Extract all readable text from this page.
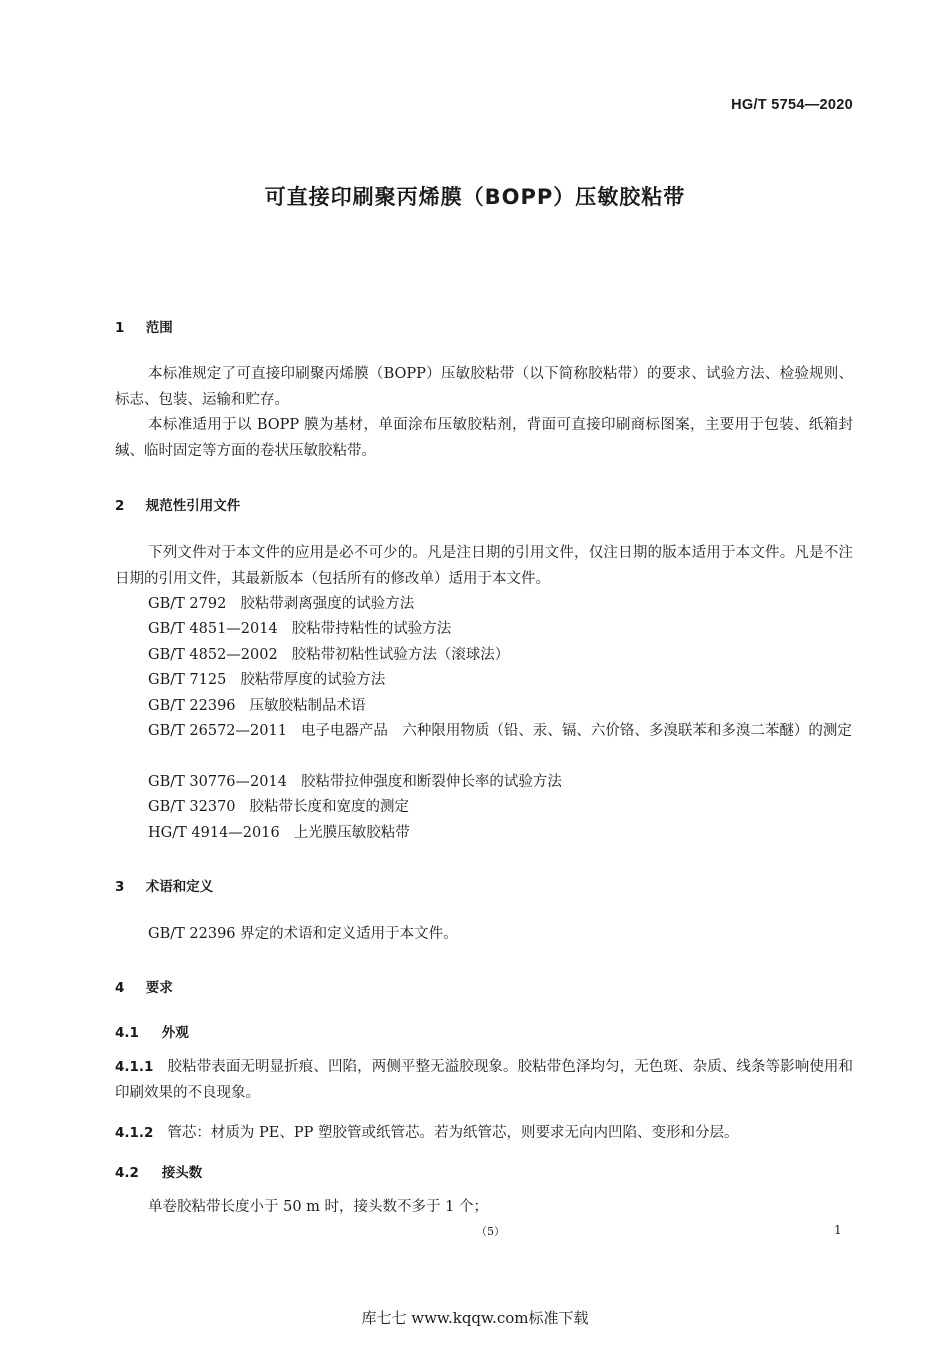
HG/T 5754—2020
可直接印刷聚丙烯膜（BOPP）压敏胶粘带
1 范围
本标准规定了可直接印刷聚丙烯膜（BOPP）压敏胶粘带（以下简称胶粘带）的要求、试验方法、检验规则、标志、包装、运输和贮存。
本标准适用于以 BOPP 膜为基材，单面涂布压敏胶粘剂，背面可直接印刷商标图案，主要用于包装、纸箱封缄、临时固定等方面的卷状压敏胶粘带。
2 规范性引用文件
下列文件对于本文件的应用是必不可少的。凡是注日期的引用文件，仅注日期的版本适用于本文件。凡是不注日期的引用文件，其最新版本（包括所有的修改单）适用于本文件。
GB/T 2792 胶粘带剥离强度的试验方法
GB/T 4851—2014 胶粘带持粘性的试验方法
GB/T 4852—2002 胶粘带初粘性试验方法（滚球法）
GB/T 7125 胶粘带厚度的试验方法
GB/T 22396 压敏胶粘制品术语
GB/T 26572—2011 电子电器产品　六种限用物质（铅、汞、镉、六价铬、多溴联苯和多溴二苯醚）的测定
GB/T 30776—2014 胶粘带拉伸强度和断裂伸长率的试验方法
GB/T 32370 胶粘带长度和宽度的测定
HG/T 4914—2016 上光膜压敏胶粘带
3 术语和定义
GB/T 22396 界定的术语和定义适用于本文件。
4 要求
4.1 外观
4.1.1 胶粘带表面无明显折痕、凹陷，两侧平整无溢胶现象。胶粘带色泽均匀，无色斑、杂质、线条等影响使用和印刷效果的不良现象。
4.1.2 管芯：材质为 PE、PP 塑胶管或纸管芯。若为纸管芯，则要求无向内凹陷、变形和分层。
4.2 接头数
单卷胶粘带长度小于 50 m 时，接头数不多于 1 个；
（5）	1
库七七 www.kqqw.com标准下载
